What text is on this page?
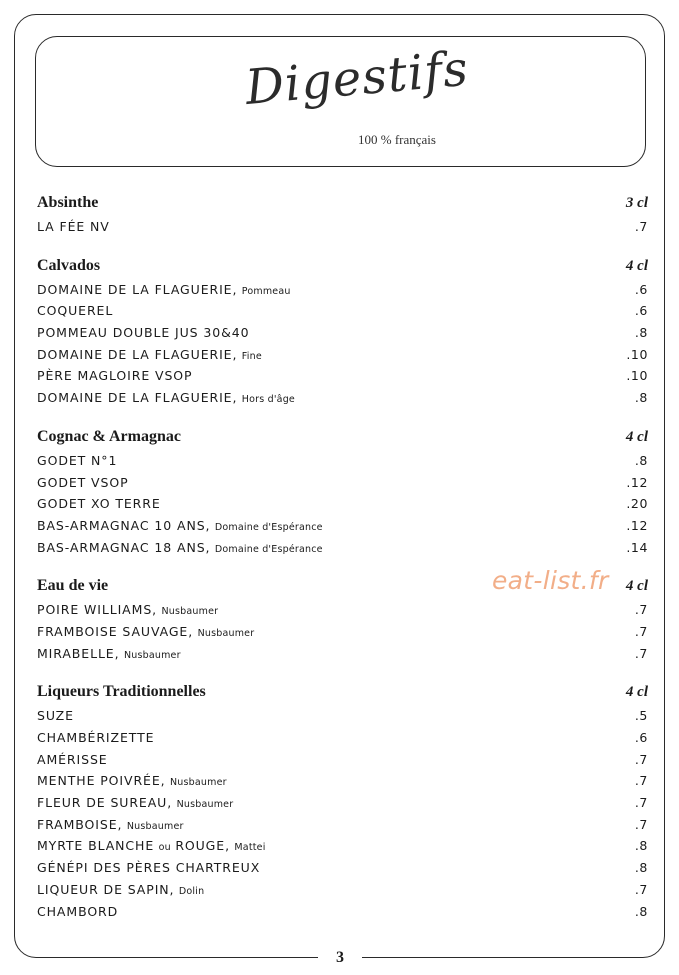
Digestifs
100 % français
eat-list.fr
Absinthe	3 cl
LA FÉE NV	.7
Calvados	4 cl
DOMAINE DE LA FLAGUERIE, Pommeau	.6
COQUEREL	.6
POMMEAU DOUBLE JUS 30&40	.8
DOMAINE DE LA FLAGUERIE, Fine	.10
PÈRE MAGLOIRE VSOP	.10
DOMAINE DE LA FLAGUERIE, Hors d'âge	.8
Cognac & Armagnac	4 cl
GODET N°1	.8
GODET VSOP	.12
GODET XO TERRE	.20
BAS-ARMAGNAC 10 ANS, Domaine d'Espérance	.12
BAS-ARMAGNAC 18 ANS, Domaine d'Espérance	.14
Eau de vie	4 cl
POIRE WILLIAMS, Nusbaumer	.7
FRAMBOISE SAUVAGE, Nusbaumer	.7
MIRABELLE, Nusbaumer	.7
Liqueurs Traditionnelles	4 cl
SUZE	.5
CHAMBÉRIZETTE	.6
AMÉRISSE	.7
MENTHE POIVRÉE, Nusbaumer	.7
FLEUR DE SUREAU, Nusbaumer	.7
FRAMBOISE, Nusbaumer	.7
MYRTE BLANCHE ou ROUGE, Mattei	.8
GÉNÉPI DES PÈRES CHARTREUX	.8
LIQUEUR DE SAPIN, Dolin	.7
CHAMBORD	.8
3
